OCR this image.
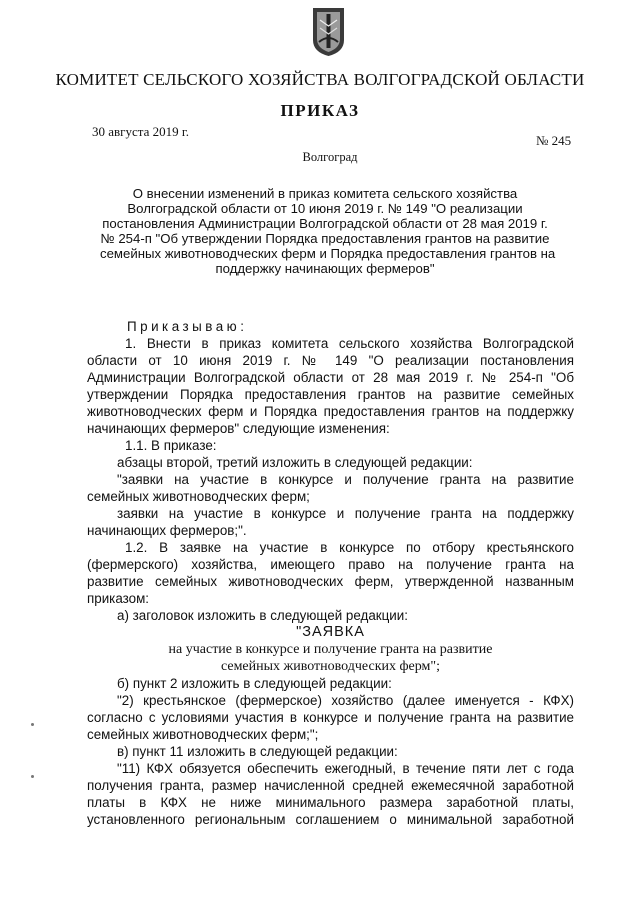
КОМИТЕТ СЕЛЬСКОГО ХОЗЯЙСТВА ВОЛГОГРАДСКОЙ ОБЛАСТИ
ПРИКАЗ
30 августа 2019 г.
№ 245
Волгоград
О внесении изменений в приказ комитета сельского хозяйства
Волгоградской области от 10 июня 2019 г. № 149 "О реализации
постановления Администрации Волгоградской области от 28 мая 2019 г.
№ 254-п "Об утверждении Порядка предоставления грантов на развитие
семейных животноводческих ферм и Порядка предоставления грантов на
поддержку начинающих фермеров"
Приказываю:
1. Внести в приказ комитета сельского хозяйства Волгоградской
области от 10 июня 2019 г. № 149 "О реализации постановления
Администрации Волгоградской области от 28 мая 2019 г. № 254-п "Об
утверждении Порядка предоставления грантов на развитие семейных
животноводческих ферм и Порядка предоставления грантов на поддержку
начинающих фермеров" следующие изменения:
1.1. В приказе:
абзацы второй, третий изложить в следующей редакции:
"заявки на участие в конкурсе и получение гранта на развитие
семейных животноводческих ферм;
заявки на участие в конкурсе и получение гранта на поддержку
начинающих фермеров;".
1.2. В заявке на участие в конкурсе по отбору крестьянского
(фермерского) хозяйства, имеющего право на получение гранта на
развитие семейных животноводческих ферм, утвержденной названным
приказом:
а) заголовок изложить в следующей редакции:
"ЗАЯВКА
на участие в конкурсе и получение гранта на развитие
семейных животноводческих ферм";
б) пункт 2 изложить в следующей редакции:
"2) крестьянское (фермерское) хозяйство (далее именуется - КФХ)
согласно с условиями участия в конкурсе и получение гранта на развитие
семейных животноводческих ферм;";
в) пункт 11 изложить в следующей редакции:
"11) КФХ обязуется обеспечить ежегодный, в течение пяти лет с года
получения гранта, размер начисленной средней ежемесячной заработной
платы в КФХ не ниже минимального размера заработной платы,
установленного региональным соглашением о минимальной заработной
